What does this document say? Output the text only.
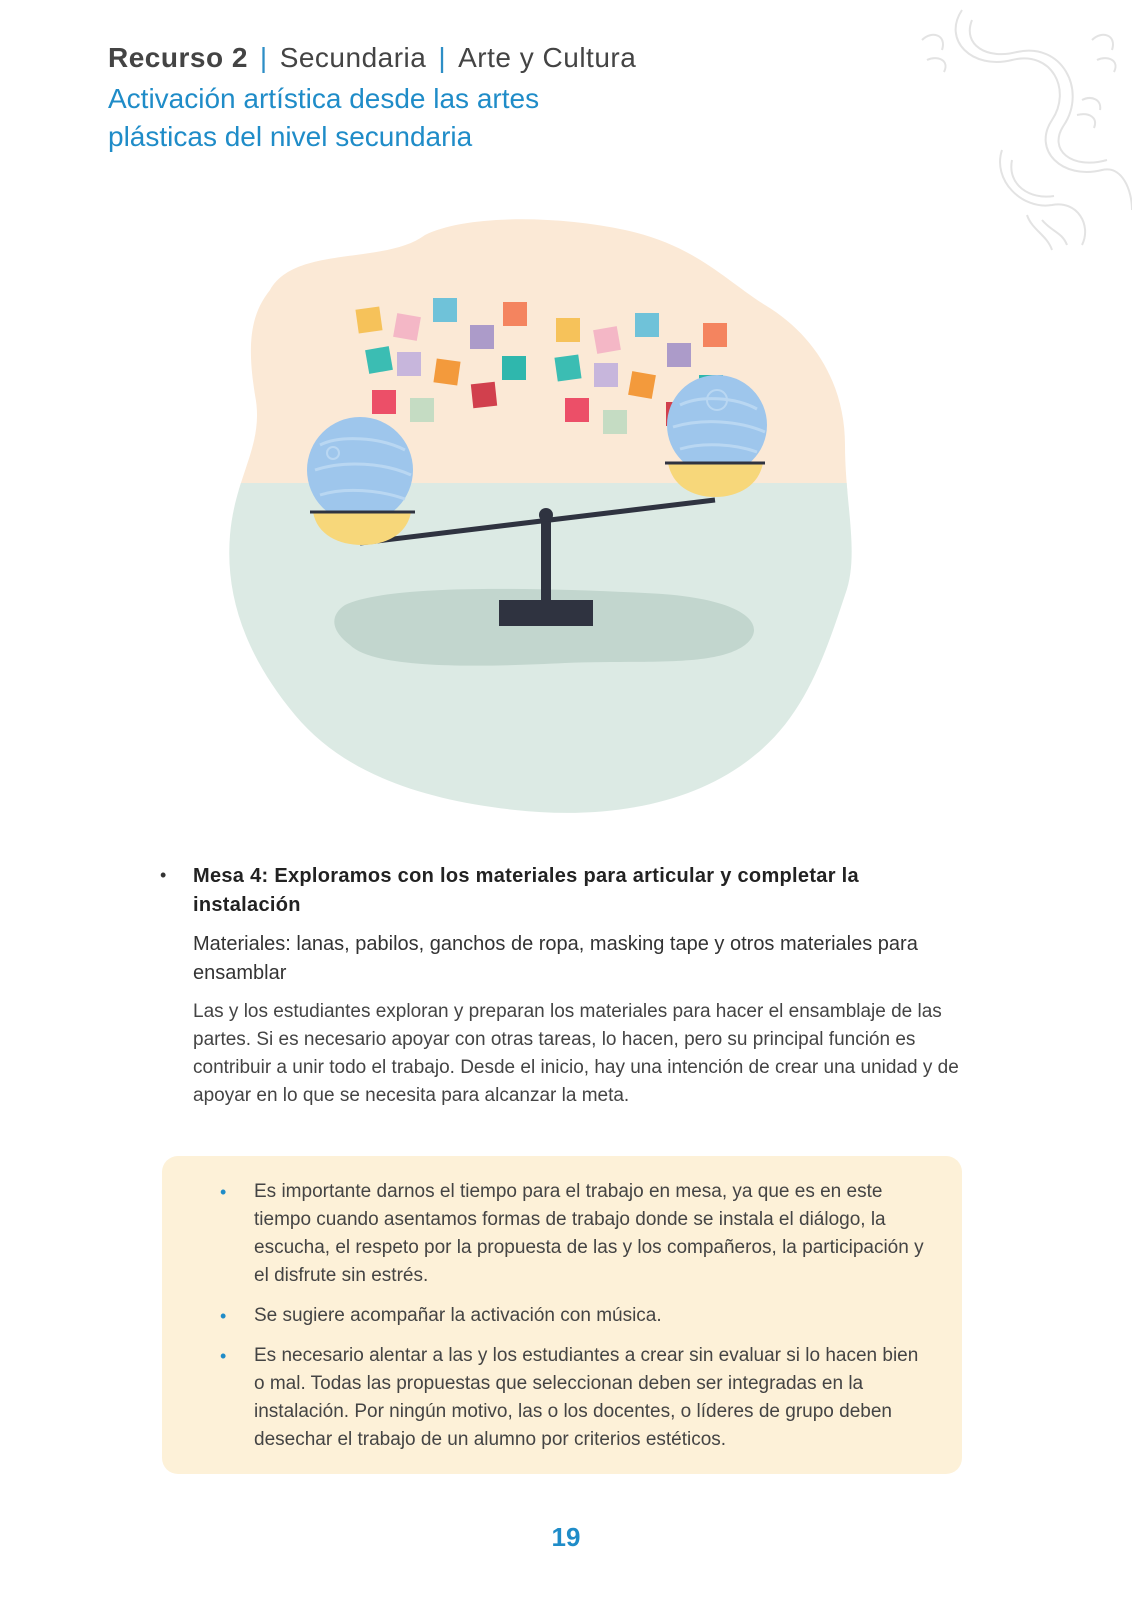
Recurso 2 | Secundaria | Arte y Cultura
Activación artística desde las artes
plásticas del nivel secundaria
• Mesa 4: Exploramos con los materiales para articular y completar la instalación
Materiales: lanas, pabilos, ganchos de ropa, masking tape y otros materiales para ensamblar
Las y los estudiantes exploran y preparan los materiales para hacer el ensamblaje de las partes. Si es necesario apoyar con otras tareas, lo hacen, pero su principal función es contribuir a unir todo el trabajo. Desde el inicio, hay una intención de crear una unidad y de apoyar en lo que se necesita para alcanzar la meta.
• Es importante darnos el tiempo para el trabajo en mesa, ya que es en este tiempo cuando asentamos formas de trabajo donde se instala el diálogo, la escucha, el respeto por la propuesta de las y los compañeros, la participación y el disfrute sin estrés.
• Se sugiere acompañar la activación con música.
• Es necesario alentar a las y los estudiantes a crear sin evaluar si lo hacen bien o mal. Todas las propuestas que seleccionan deben ser integradas en la instalación. Por ningún motivo, las o los docentes, o líderes de grupo deben desechar el trabajo de un alumno por criterios estéticos.
19
